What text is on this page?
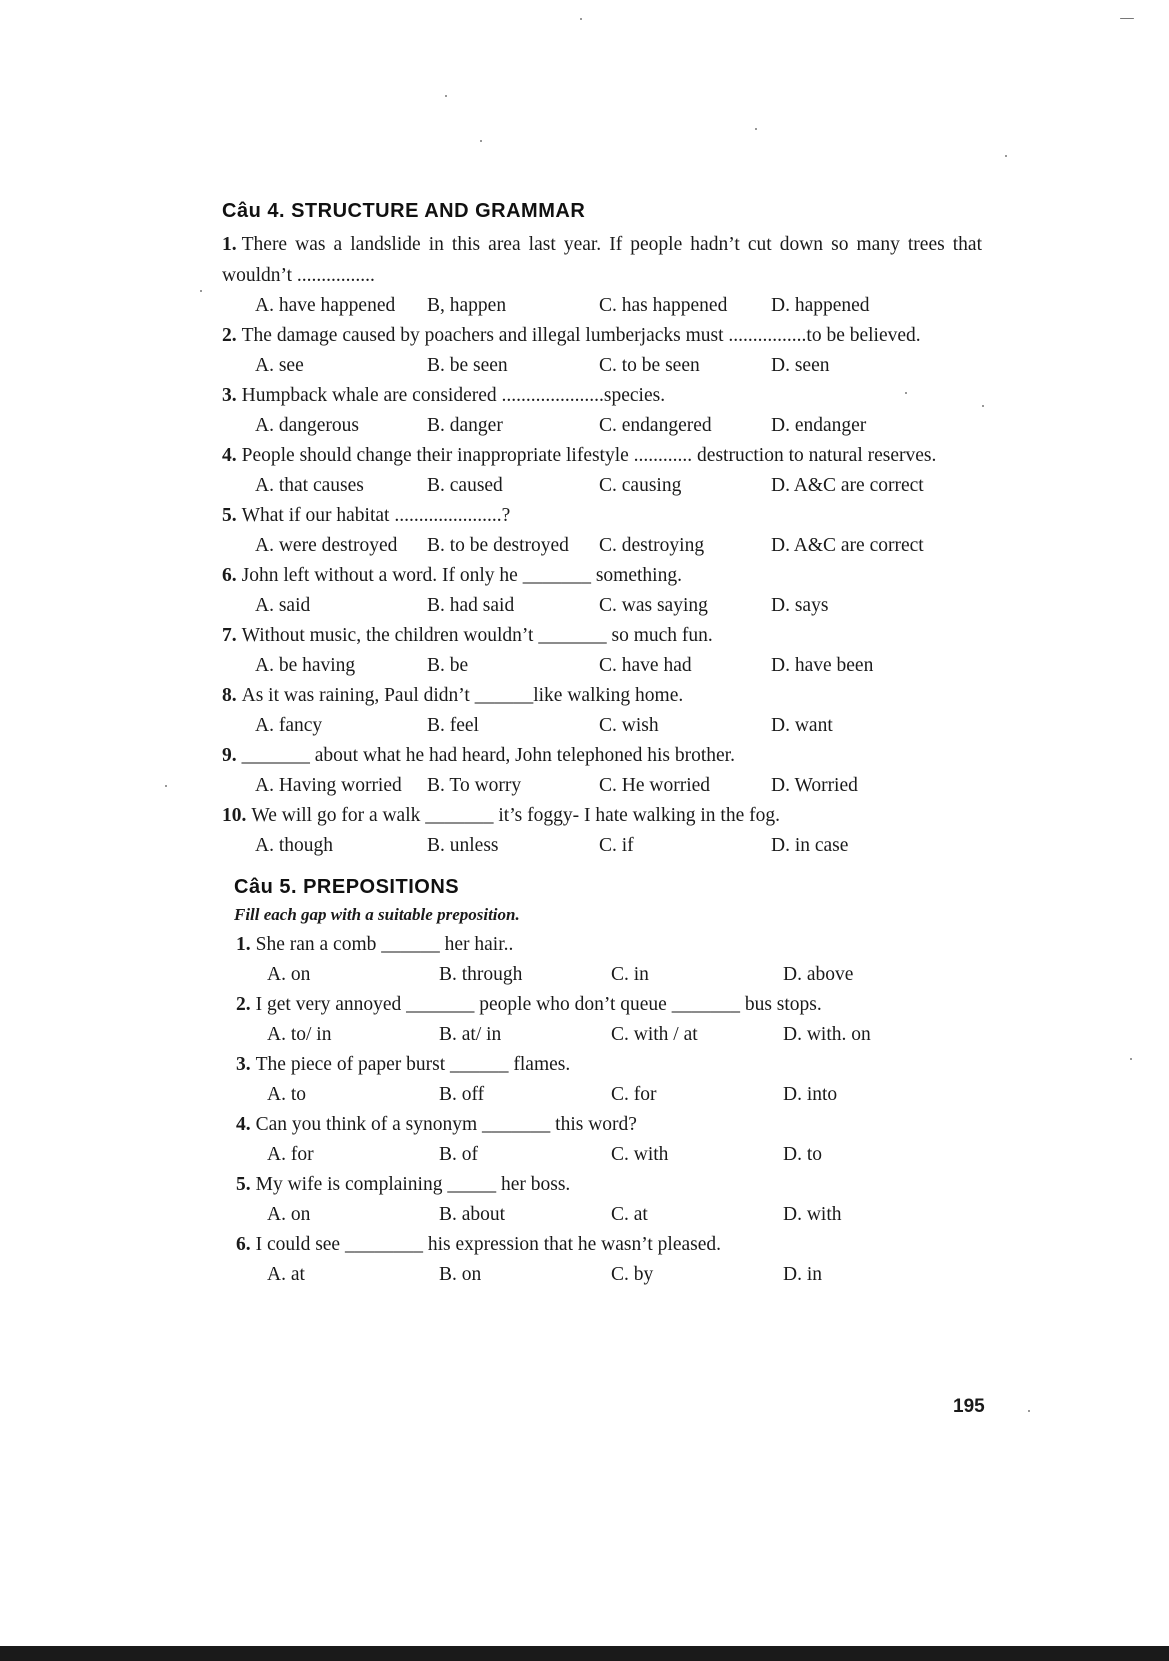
Câu 4. STRUCTURE AND GRAMMAR
1. There was a landslide in this area last year. If people hadn’t cut down so many trees that wouldn’t ................
A. have happened	B, happen	C. has happened	D. happened
2. The damage caused by poachers and illegal lumberjacks must ................to be believed.
A. see	B. be seen	C. to be seen	D. seen
3. Humpback whale are considered .....................species.
A. dangerous	B. danger	C. endangered	D. endanger
4. People should change their inappropriate lifestyle ............ destruction to natural reserves.
A. that causes	B. caused	C. causing	D. A&C are correct
5. What if our habitat ......................?
A. were destroyed	B. to be destroyed	C. destroying	D. A&C are correct
6. John left without a word. If only he _______ something.
A. said	B. had said	C. was saying	D. says
7. Without music, the children wouldn’t _______ so much fun.
A. be having	B. be	C. have had	D. have been
8. As it was raining, Paul didn’t ______like walking home.
A. fancy	B. feel	C. wish	D. want
9. _______ about what he had heard, John telephoned his brother.
A. Having worried	B. To worry	C. He worried	D. Worried
10. We will go for a walk _______ it’s foggy- I hate walking in the fog.
A. though	B. unless	C. if	D. in case
Câu 5. PREPOSITIONS
Fill each gap with a suitable preposition.
1. She ran a comb ______ her hair..
A. on	B. through	C. in	D. above
2. I get very annoyed _______ people who don’t queue _______ bus stops.
A. to/ in	B. at/ in	C. with / at	D. with. on
3. The piece of paper burst ______ flames.
A. to	B. off	C. for	D. into
4. Can you think of a synonym _______ this word?
A. for	B. of	C. with	D. to
5. My wife is complaining _____ her boss.
A. on	B. about	C. at	D. with
6. I could see ________ his expression that he wasn’t pleased.
A. at	B. on	C. by	D. in
195
